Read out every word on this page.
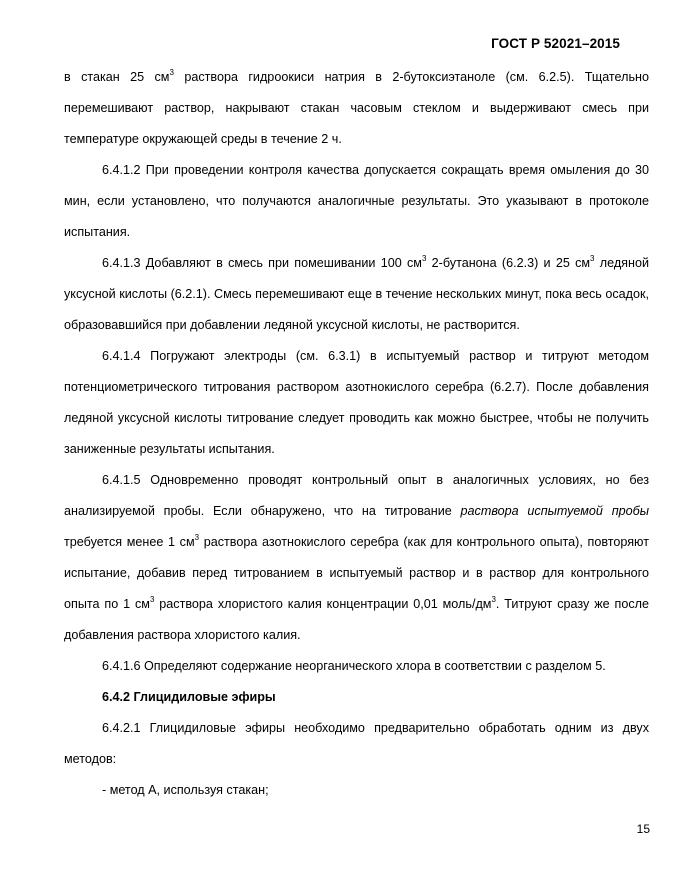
ГОСТ Р 52021–2015

в стакан 25 $см^3$ раствора гидроокиси натрия в 2-бутоксиэтаноле (см. 6.2.5). Тщательно перемешивают раствор, накрывают стакан часовым стеклом и выдерживают смесь при температуре окружающей среды в течение 2 ч.

6.4.1.2 При проведении контроля качества допускается сокращать время омыления до 30 мин, если установлено, что получаются аналогичные результаты. Это указывают в протоколе испытания.

6.4.1.3 Добавляют в смесь при помешивании 100 $см^3$ 2-бутанона (6.2.3) и 25 $см^3$ ледяной уксусной кислоты (6.2.1). Смесь перемешивают еще в течение нескольких минут, пока весь осадок, образовавшийся при добавлении ледяной уксусной кислоты, не растворится.

6.4.1.4 Погружают электроды (см. 6.3.1) в испытуемый раствор и титруют методом потенциометрического титрования раствором азотнокислого серебра (6.2.7). После добавления ледяной уксусной кислоты титрование следует проводить как можно быстрее, чтобы не получить заниженные результаты испытания.

6.4.1.5 Одновременно проводят контрольный опыт в аналогичных условиях, но без анализируемой пробы. Если обнаружено, что на титрование раствора испытуемой пробы требуется менее 1 $см^3$ раствора азотнокислого серебра (как для контрольного опыта), повторяют испытание, добавив перед титрованием в испытуемый раствор и в раствор для контрольного опыта по 1 $см^3$ раствора хлористого калия концентрации 0,01 моль/$дм^3$. Титруют сразу же после добавления раствора хлористого калия.

6.4.1.6 Определяют содержание неорганического хлора в соответствии с разделом 5.

6.4.2 Глицидиловые эфиры

6.4.2.1 Глицидиловые эфиры необходимо предварительно обработать одним из двух методов:

- метод А, используя стакан;

15
